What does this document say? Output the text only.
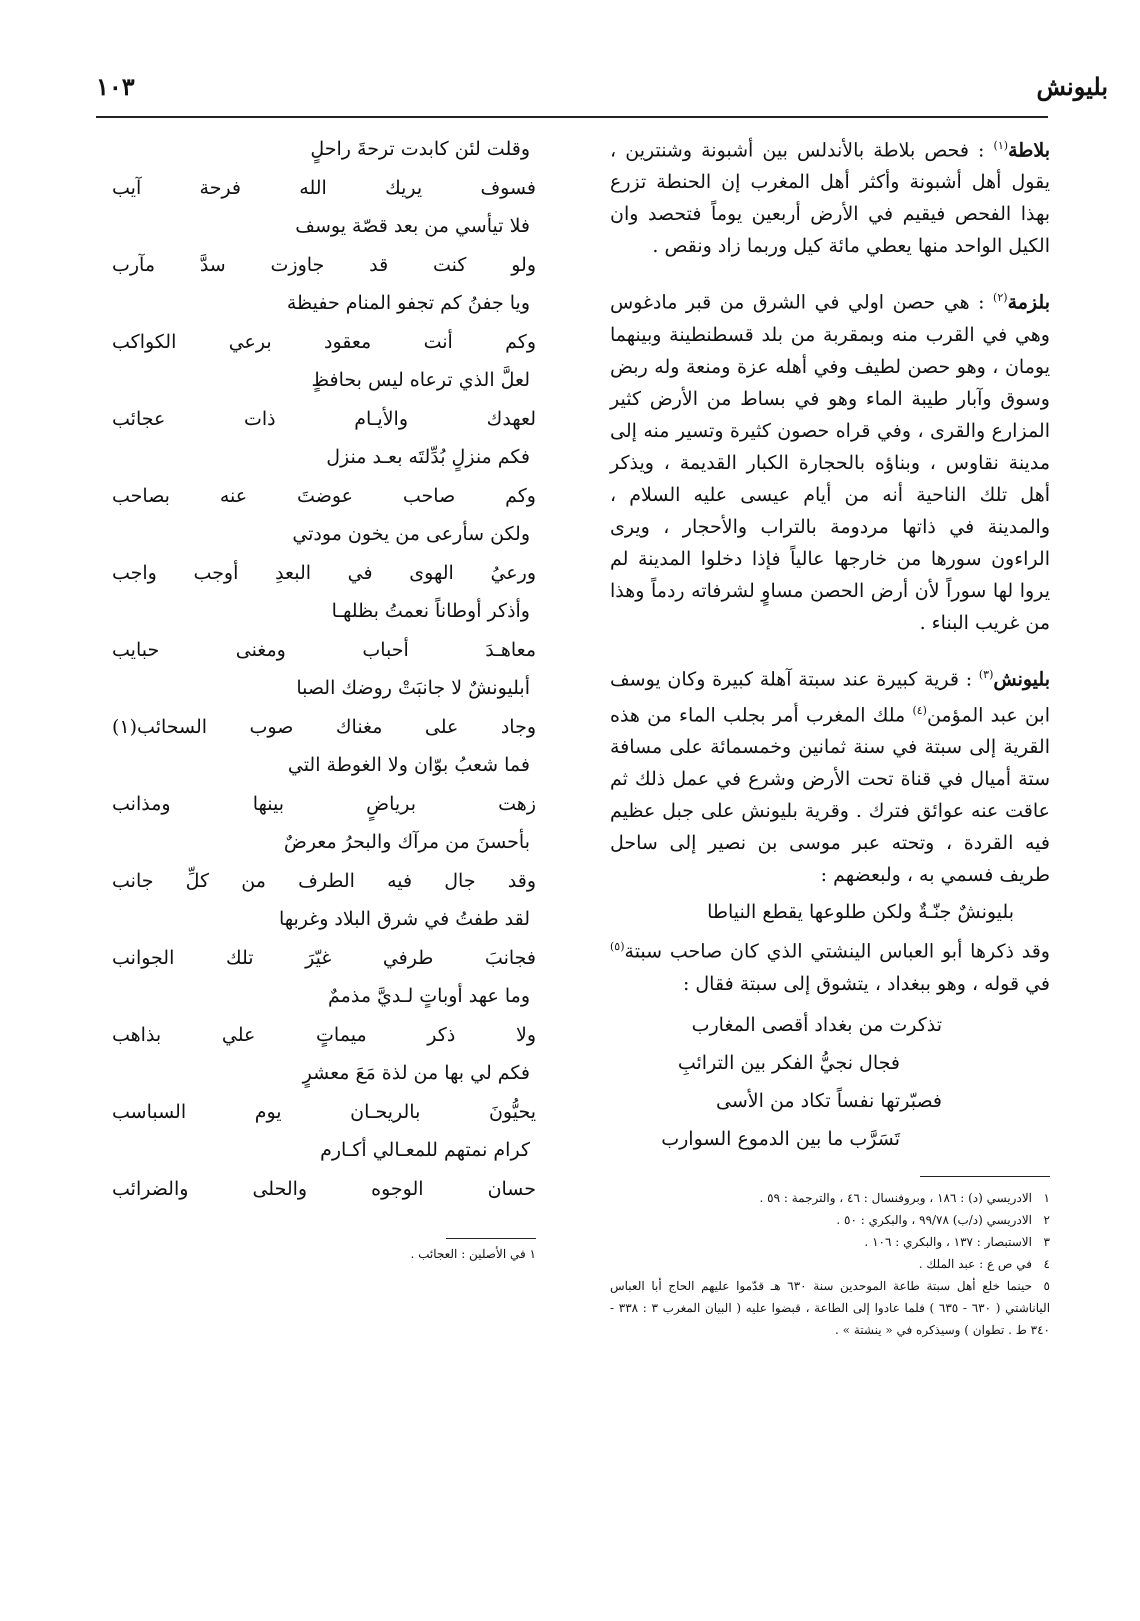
١٠٣	بليونش

بلاطة$^{(١)}$ : فحص بلاطة بالأندلس بين أشبونة وشنترين ، يقول أهل أشبونة وأكثر أهل المغرب إن الحنطة تزرع بهذا الفحص فيقيم في الأرض أربعين يوماً فتحصد وان الكيل الواحد منها يعطي مائة كيل وربما زاد ونقص .

بلزمة$^{(٢)}$ : هي حصن اولي في الشرق من قبر مادغوس وهي في القرب منه وبمقربة من بلد قسطنطينة وبينهما يومان ، وهو حصن لطيف وفي أهله عزة ومنعة وله ربض وسوق وآبار طيبة الماء وهو في بساط من الأرض كثير المزارع والقرى ، وفي قراه حصون كثيرة وتسير منه إلى مدينة نقاوس ، وبناؤه بالحجارة الكبار القديمة ، ويذكر أهل تلك الناحية أنه من أيام عيسى عليه السلام ، والمدينة في ذاتها مردومة بالتراب والأحجار ، ويرى الراءون سورها من خارجها عالياً فإذا دخلوا المدينة لم يروا لها سوراً لأن أرض الحصن مساوٍ لشرفاته ردماً وهذا من غريب البناء .

بليونش$^{(٣)}$ : قرية كبيرة عند سبتة آهلة كبيرة وكان يوسف ابن عبد المؤمن$^{(٤)}$ ملك المغرب أمر بجلب الماء من هذه القرية إلى سبتة في سنة ثمانين وخمسمائة على مسافة ستة أميال في قناة تحت الأرض وشرع في عمل ذلك ثم عاقت عنه عوائق فترك . وقرية بليونش على جبل عظيم فيه القردة ، وتحته عبر موسى بن نصير إلى ساحل طريف فسمي به ، ولبعضهم :

بليونشٌ جنّـةٌ ولكن طلوعها يقطع النياطا

وقد ذكرها أبو العباس الينشتي الذي كان صاحب سبتة$^{(٥)}$ في قوله ، وهو ببغداد ، يتشوق إلى سبتة فقال :

تذكرت من بغداد أقصى المغارب
فجال نجيُّ الفكر بين الترائبِ
فصبّرتها نفساً تكاد من الأسى
تَسَرَّب ما بين الدموع السوارب

١الادريسي (د) : ١٨٦ ، وبروفنسال : ٤٦ ، والترجمة : ٥٩ .

٢الادريسي (د/ب) ٩٩/٧٨ ، والبكري : ٥٠ .

٣الاستبصار : ١٣٧ ، والبكري : ١٠٦ .

٤في ص ع : عبد الملك .

٥حينما خلع أهل سبتة طاعة الموحدين سنة ٦٣٠ هـ قدّموا عليهم الحاج أبا العباس الياناشتي ( ٦٣٠ - ٦٣٥ ) فلما عادوا إلى الطاعة ، قبضوا عليه ( البيان المغرب ٣ : ٣٣٨ - ٣٤٠ ط . تطوان ) وسيذكره في « ينشتة » .

وقلت لئن كابدت ترحةَ راحلٍ
فسوف يريك الله فرحة آيب
فلا تيأسي من بعد قصّة يوسف
ولو كنت قد جاوزت سدَّ مآرب
ويا جفنُ كم تجفو المنام حفيظة
وكم أنت معقود برعي الكواكب
لعلَّ الذي ترعاه ليس بحافظٍ
لعهدك والأيـام ذات عجائب
فكم منزلٍ بُدِّلتَه بعـد منزل
وكم صاحب عوضتَ عنه بصاحب
ولكن سأرعى من يخون مودتي
ورعيُ الهوى في البعدِ أوجب واجب
وأذكر أوطاناً نعمتُ بظلهـا
معاهـدَ أحباب ومغنى حبايب
أبليونشٌ لا جانبَتْ روضك الصبا
وجاد على مغناك صوب السحائب(١)
فما شعبُ بوّان ولا الغوطة التي
زهت برياضٍ بينها ومذانب
بأحسنَ من مرآك والبحرُ معرضٌ
وقد جال فيه الطرف من كلِّ جانب
لقد طفتُ في شرق البلاد وغربها
فجانبَ طرفي غيّرَ تلك الجوانب
وما عهد أوباتٍ لـديَّ مذممٌ
ولا ذكر ميماتٍ علي بذاهب
فكم لي بها من لذة مَعَ معشرٍ
يحيُّونَ بالريحـان يوم السباسب
كرام نمتهم للمعـالي أكـارم
حسان الوجوه والحلى والضرائب
١ في الأصلين : العجائب .
